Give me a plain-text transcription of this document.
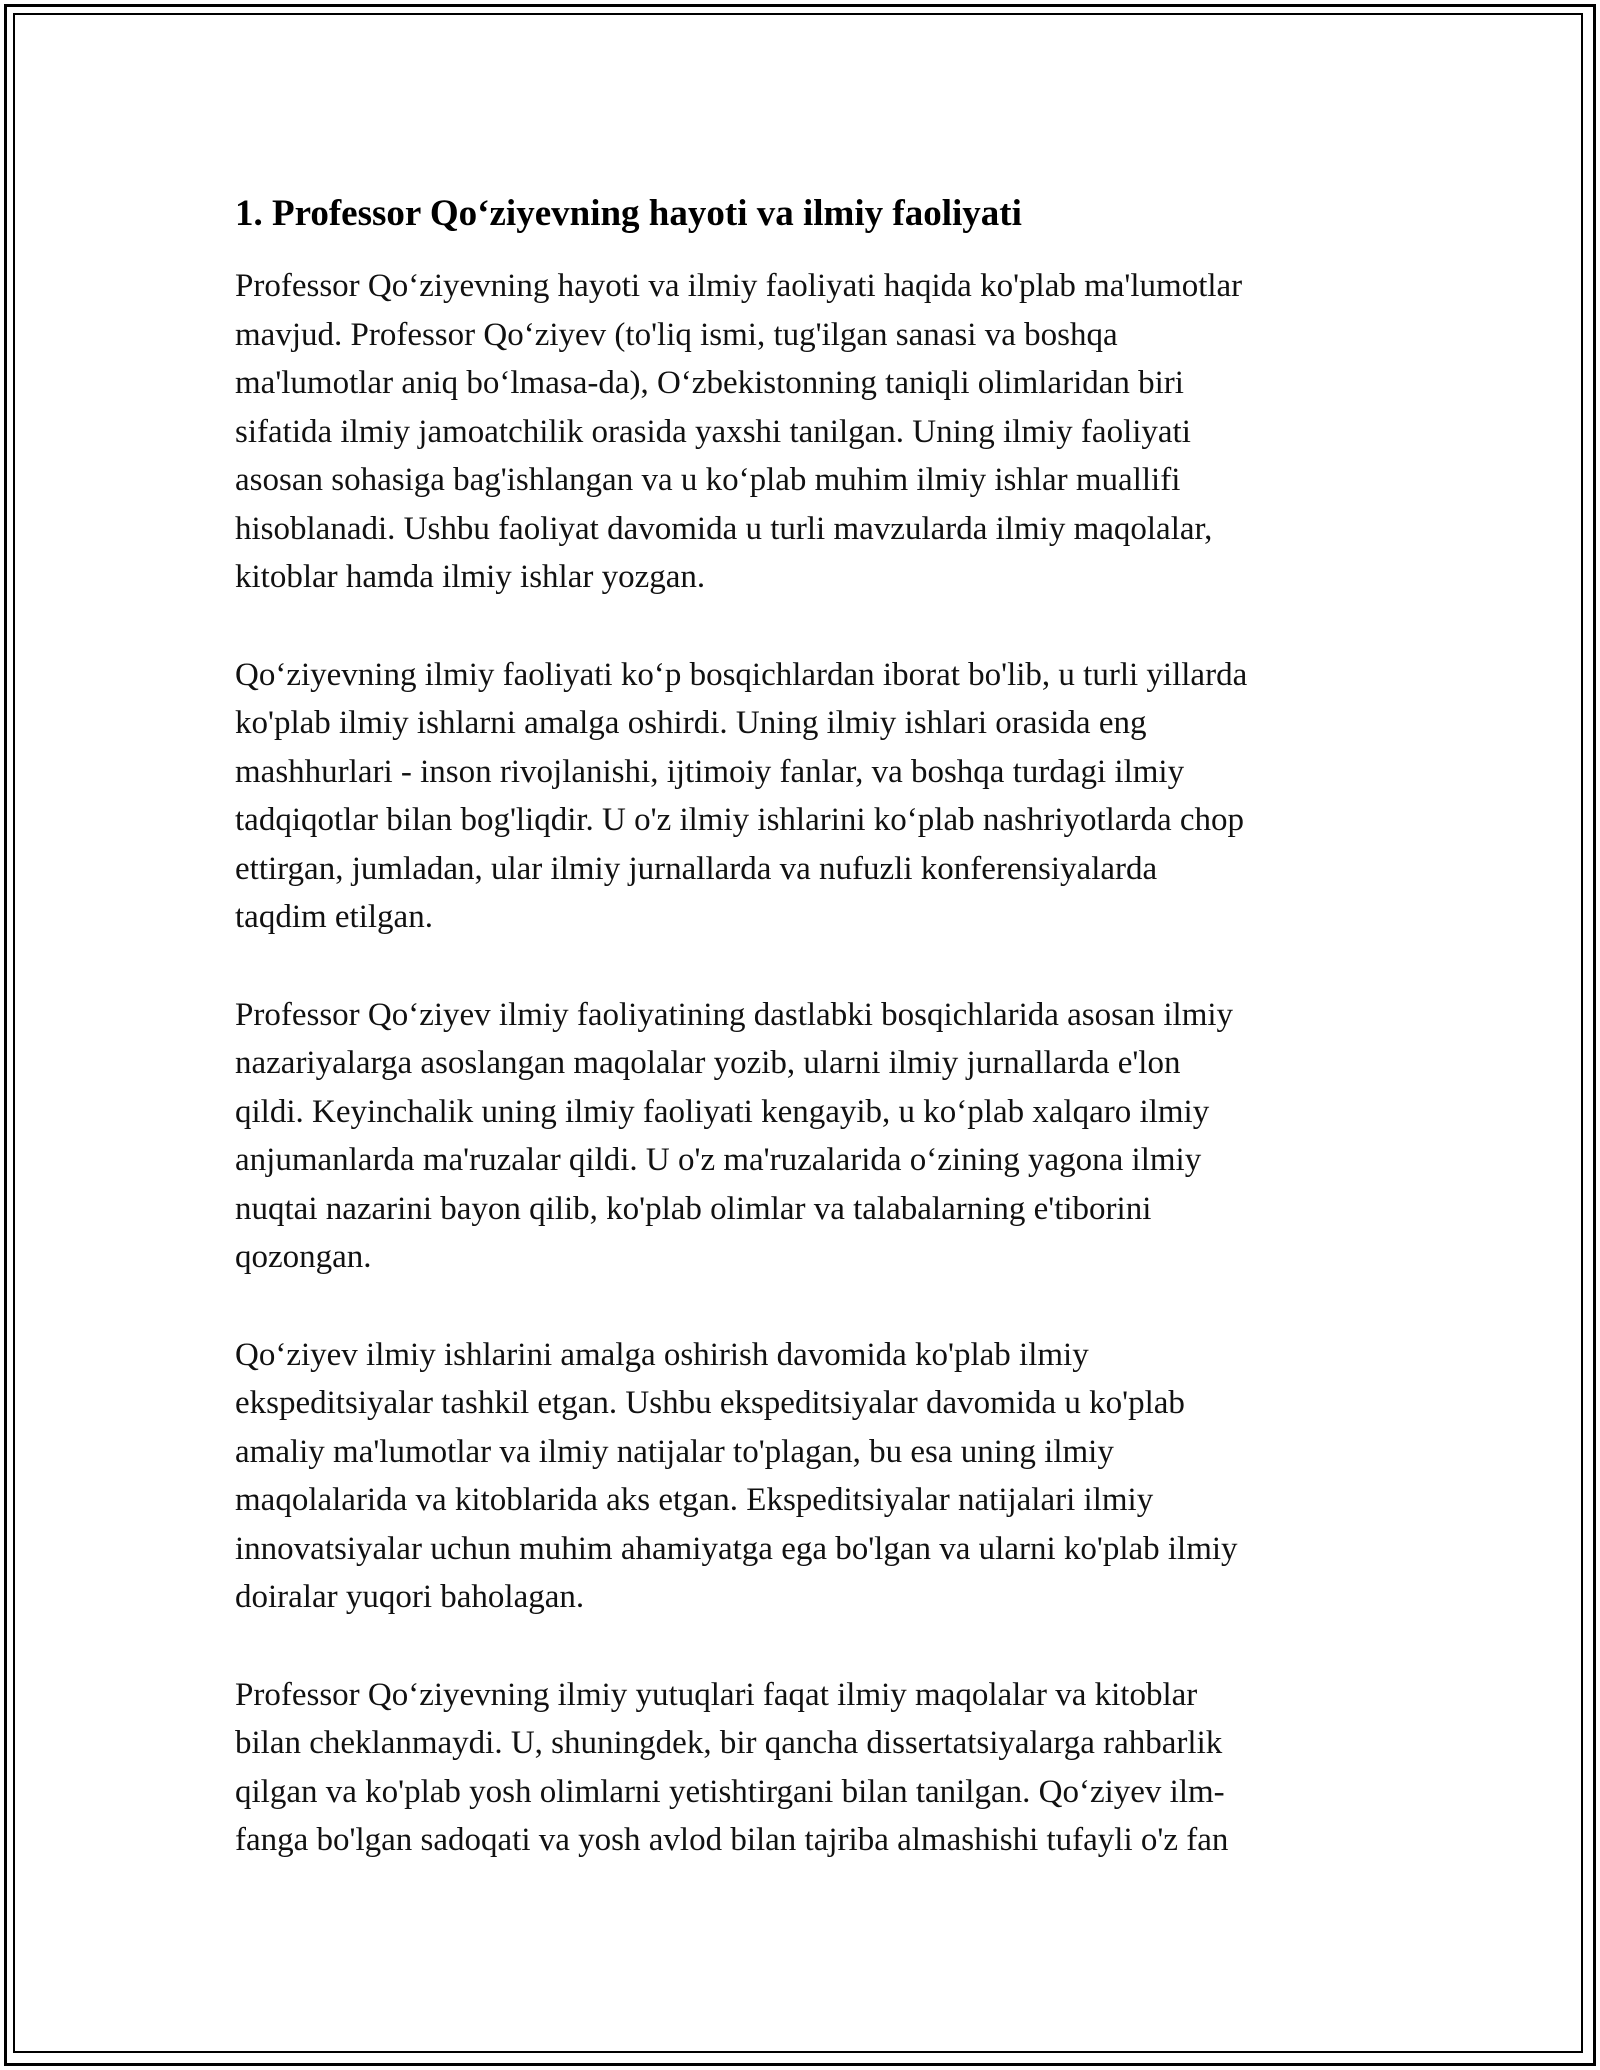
1. Professor Qo‘ziyevning hayoti va ilmiy faoliyati
Professor Qo‘ziyevning hayoti va ilmiy faoliyati haqida ko'plab ma'lumotlar
mavjud. Professor Qo‘ziyev (to'liq ismi, tug'ilgan sanasi va boshqa
ma'lumotlar aniq bo‘lmasa-da), O‘zbekistonning taniqli olimlaridan biri
sifatida ilmiy jamoatchilik orasida yaxshi tanilgan. Uning ilmiy faoliyati
asosan sohasiga bag'ishlangan va u ko‘plab muhim ilmiy ishlar muallifi
hisoblanadi. Ushbu faoliyat davomida u turli mavzularda ilmiy maqolalar,
kitoblar hamda ilmiy ishlar yozgan.
Qo‘ziyevning ilmiy faoliyati ko‘p bosqichlardan iborat bo'lib, u turli yillarda
ko'plab ilmiy ishlarni amalga oshirdi. Uning ilmiy ishlari orasida eng
mashhurlari - inson rivojlanishi, ijtimoiy fanlar, va boshqa turdagi ilmiy
tadqiqotlar bilan bog'liqdir. U o'z ilmiy ishlarini ko‘plab nashriyotlarda chop
ettirgan, jumladan, ular ilmiy jurnallarda va nufuzli konferensiyalarda
taqdim etilgan.
Professor Qo‘ziyev ilmiy faoliyatining dastlabki bosqichlarida asosan ilmiy
nazariyalarga asoslangan maqolalar yozib, ularni ilmiy jurnallarda e'lon
qildi. Keyinchalik uning ilmiy faoliyati kengayib, u ko‘plab xalqaro ilmiy
anjumanlarda ma'ruzalar qildi. U o'z ma'ruzalarida o‘zining yagona ilmiy
nuqtai nazarini bayon qilib, ko'plab olimlar va talabalarning e'tiborini
qozongan.
Qo‘ziyev ilmiy ishlarini amalga oshirish davomida ko'plab ilmiy
ekspeditsiyalar tashkil etgan. Ushbu ekspeditsiyalar davomida u ko'plab
amaliy ma'lumotlar va ilmiy natijalar to'plagan, bu esa uning ilmiy
maqolalarida va kitoblarida aks etgan. Ekspeditsiyalar natijalari ilmiy
innovatsiyalar uchun muhim ahamiyatga ega bo'lgan va ularni ko'plab ilmiy
doiralar yuqori baholagan.
Professor Qo‘ziyevning ilmiy yutuqlari faqat ilmiy maqolalar va kitoblar
bilan cheklanmaydi. U, shuningdek, bir qancha dissertatsiyalarga rahbarlik
qilgan va ko'plab yosh olimlarni yetishtirgani bilan tanilgan. Qo‘ziyev ilm-
fanga bo'lgan sadoqati va yosh avlod bilan tajriba almashishi tufayli o'z fan
